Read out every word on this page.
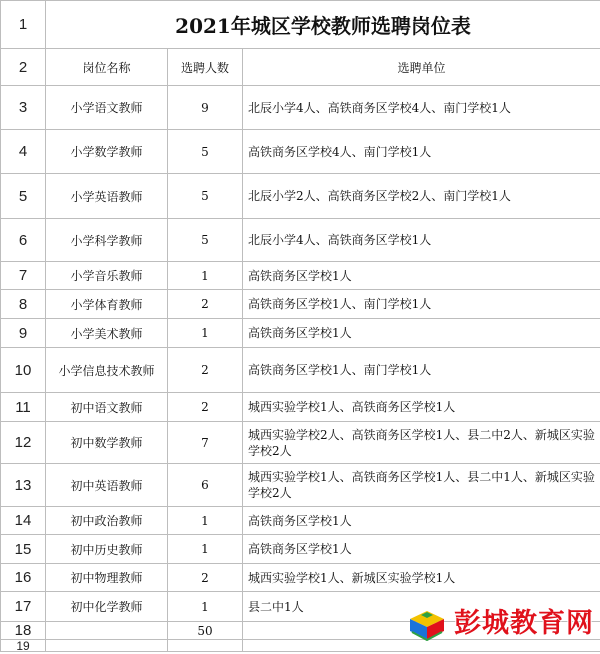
1	2021年城区学校教师选聘岗位表		
2	岗位名称	选聘人数	选聘单位
3	小学语文教师	9	北辰小学4人、高铁商务区学校4人、南门学校1人
4	小学数学教师	5	高铁商务区学校4人、南门学校1人
5	小学英语教师	5	北辰小学2人、高铁商务区学校2人、南门学校1人
6	小学科学教师	5	北辰小学4人、高铁商务区学校1人
7	小学音乐教师	1	高铁商务区学校1人
8	小学体育教师	2	高铁商务区学校1人、南门学校1人
9	小学美术教师	1	高铁商务区学校1人
10	小学信息技术教师	2	高铁商务区学校1人、南门学校1人
11	初中语文教师	2	城西实验学校1人、高铁商务区学校1人
12	初中数学教师	7	城西实验学校2人、高铁商务区学校1人、县二中2人、新城区实验学校2人
13	初中英语教师	6	城西实验学校1人、高铁商务区学校1人、县二中1人、新城区实验学校2人
14	初中政治教师	1	高铁商务区学校1人
15	初中历史教师	1	高铁商务区学校1人
16	初中物理教师	2	城西实验学校1人、新城区实验学校1人
17	初中化学教师	1	县二中1人
18		50	
19			
彭城教育网
